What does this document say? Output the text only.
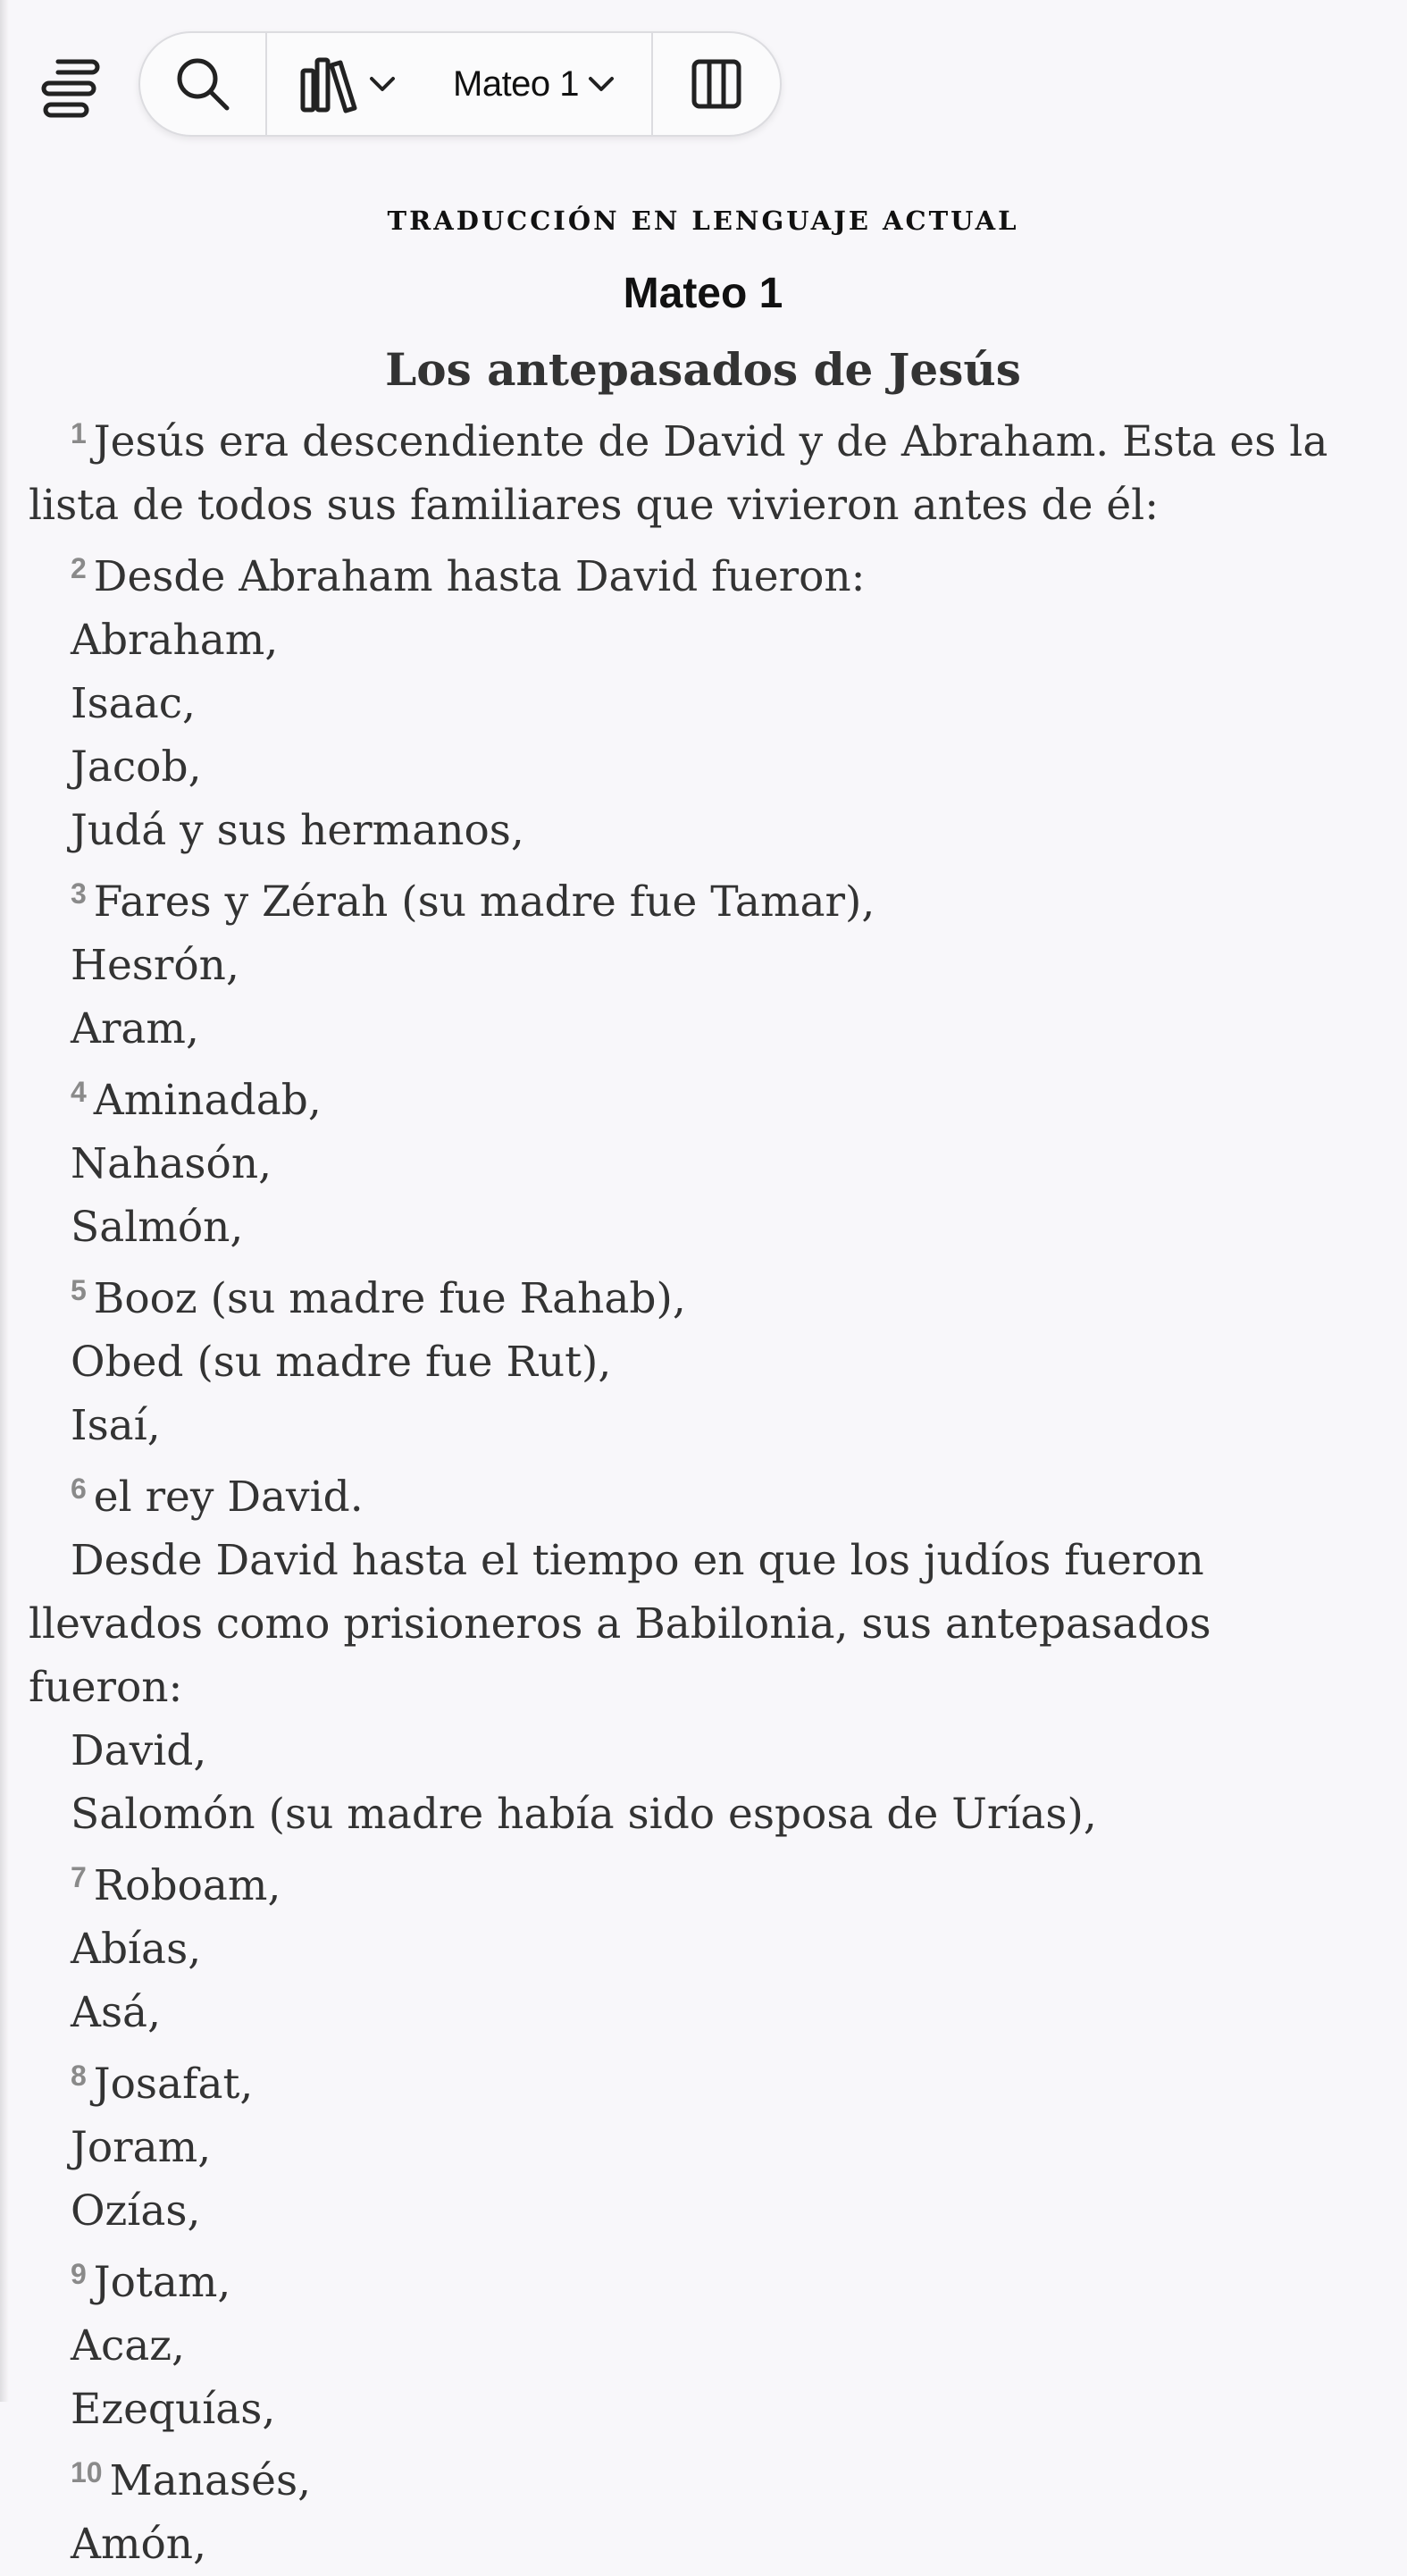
Mateo 1
TRADUCCIÓN EN LENGUAJE ACTUAL
Mateo 1
Los antepasados de Jesús
$^1$ Jesús era descendiente de David y de Abraham. Esta es la lista de todos sus familiares que vivieron antes de él:
$^2$ Desde Abraham hasta David fueron:
Abraham,
Isaac,
Jacob,
Judá y sus hermanos,
$^3$ Fares y Zérah (su madre fue Tamar),
Hesrón,
Aram,
$^4$ Aminadab,
Nahasón,
Salmón,
$^5$ Booz (su madre fue Rahab),
Obed (su madre fue Rut),
Isaí,
$^6$ el rey David.
Desde David hasta el tiempo en que los judíos fueron llevados como prisioneros a Babilonia, sus antepasados fueron:
David,
Salomón (su madre había sido esposa de Urías),
$^7$ Roboam,
Abías,
Asá,
$^8$ Josafat,
Joram,
Ozías,
$^9$ Jotam,
Acaz,
Ezequías,
$^{10}$ Manasés,
Amón,
